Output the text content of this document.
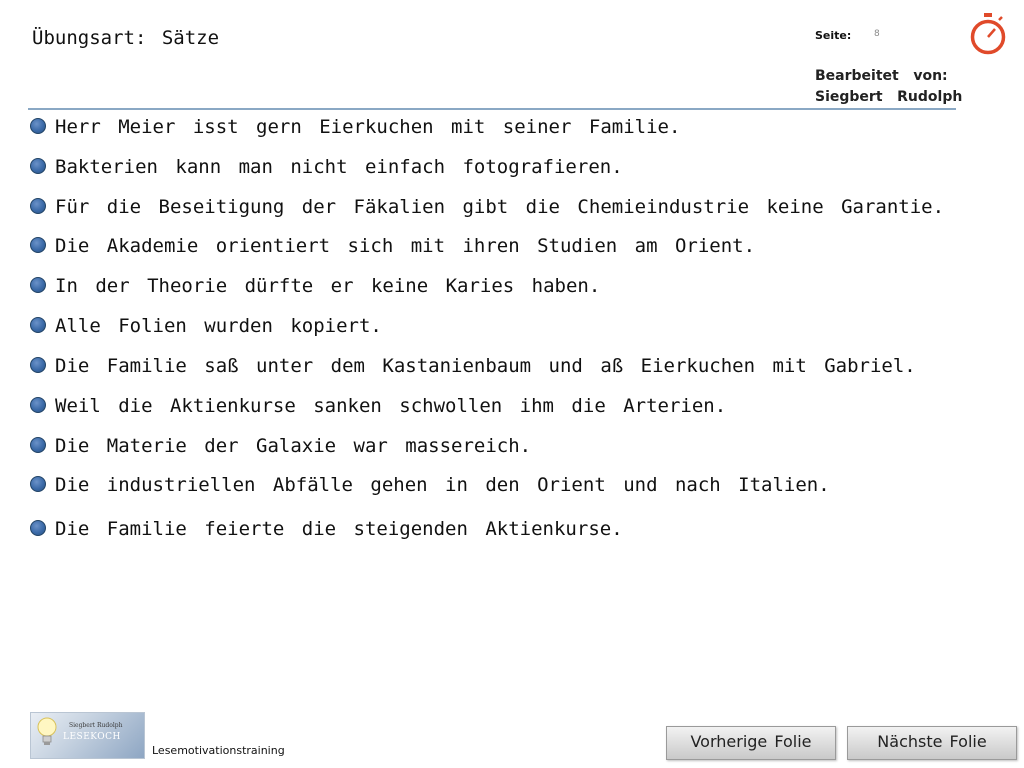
Übungsart: Sätze	Seite:	8
Bearbeitet   von:
Siegbert   Rudolph
Herr Meier isst gern Eierkuchen mit seiner Familie.
Bakterien kann man nicht einfach fotografieren.
Für die Beseitigung der Fäkalien gibt die Chemieindustrie keine Garantie.
Die Akademie orientiert sich mit ihren Studien am Orient.
In der Theorie dürfte er keine Karies haben.
Alle Folien wurden kopiert.
Die Familie saß unter dem Kastanienbaum und aß Eierkuchen mit Gabriel.
Weil die Aktienkurse sanken schwollen ihm die Arterien.
Die Materie der Galaxie war massereich.
Die industriellen Abfälle gehen in den Orient und nach Italien.
Die Familie feierte die steigenden Aktienkurse.
Siegbert Rudolph
LESEKOCH
Lesemotivationstraining	Vorherige Folie	Nächste Folie
